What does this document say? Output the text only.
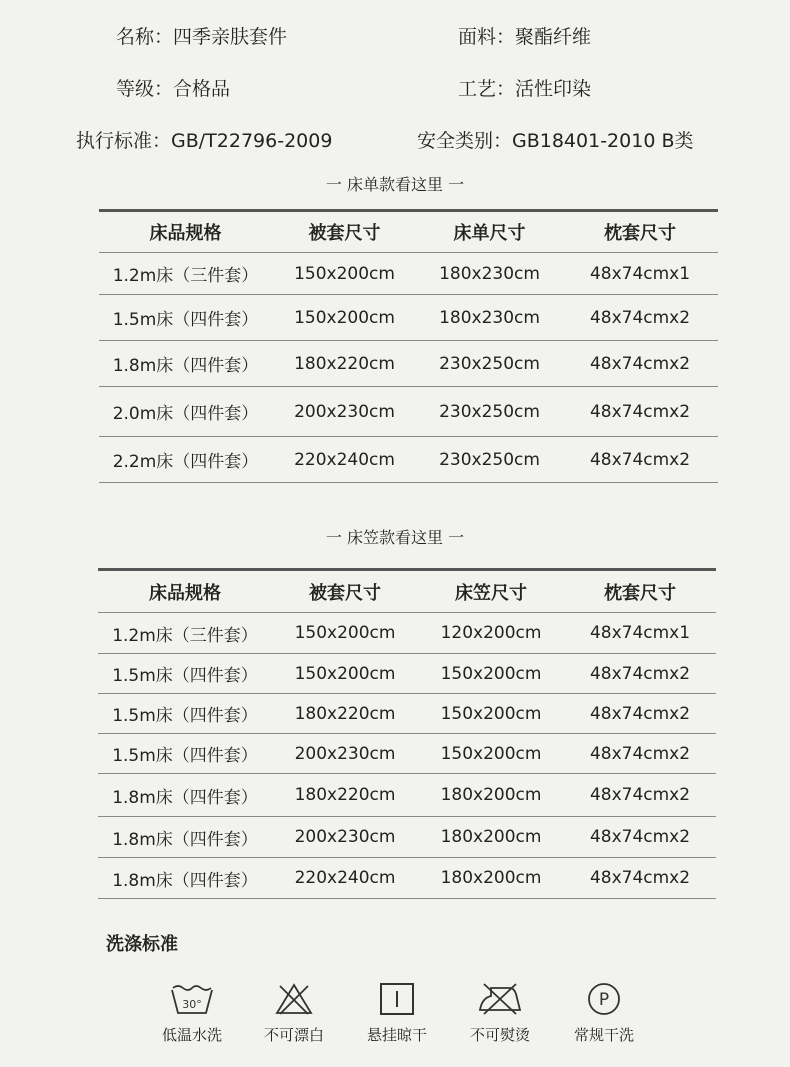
名称：四季亲肤套件	面料：聚酯纤维
等级：合格品	工艺：活性印染
执行标准：GB/T22796-2009	安全类别：GB18401-2010 B类
一 床单款看这里 一
床品规格	被套尺寸	床单尺寸	枕套尺寸
1.2m床（三件套）	150x200cm	180x230cm	48x74cmx1
1.5m床（四件套）	150x200cm	180x230cm	48x74cmx2
1.8m床（四件套）	180x220cm	230x250cm	48x74cmx2
2.0m床（四件套）	200x230cm	230x250cm	48x74cmx2
2.2m床（四件套）	220x240cm	230x250cm	48x74cmx2
一 床笠款看这里 一
床品规格	被套尺寸	床笠尺寸	枕套尺寸
1.2m床（三件套）	150x200cm	120x200cm	48x74cmx1
1.5m床（四件套）	150x200cm	150x200cm	48x74cmx2
1.5m床（四件套）	180x220cm	150x200cm	48x74cmx2
1.5m床（四件套）	200x230cm	150x200cm	48x74cmx2
1.8m床（四件套）	180x220cm	180x200cm	48x74cmx2
1.8m床（四件套）	200x230cm	180x200cm	48x74cmx2
1.8m床（四件套）	220x240cm	180x200cm	48x74cmx2
洗涤标准
30°
低温水洗	不可漂白	悬挂晾干	不可熨烫
P
常规干洗
